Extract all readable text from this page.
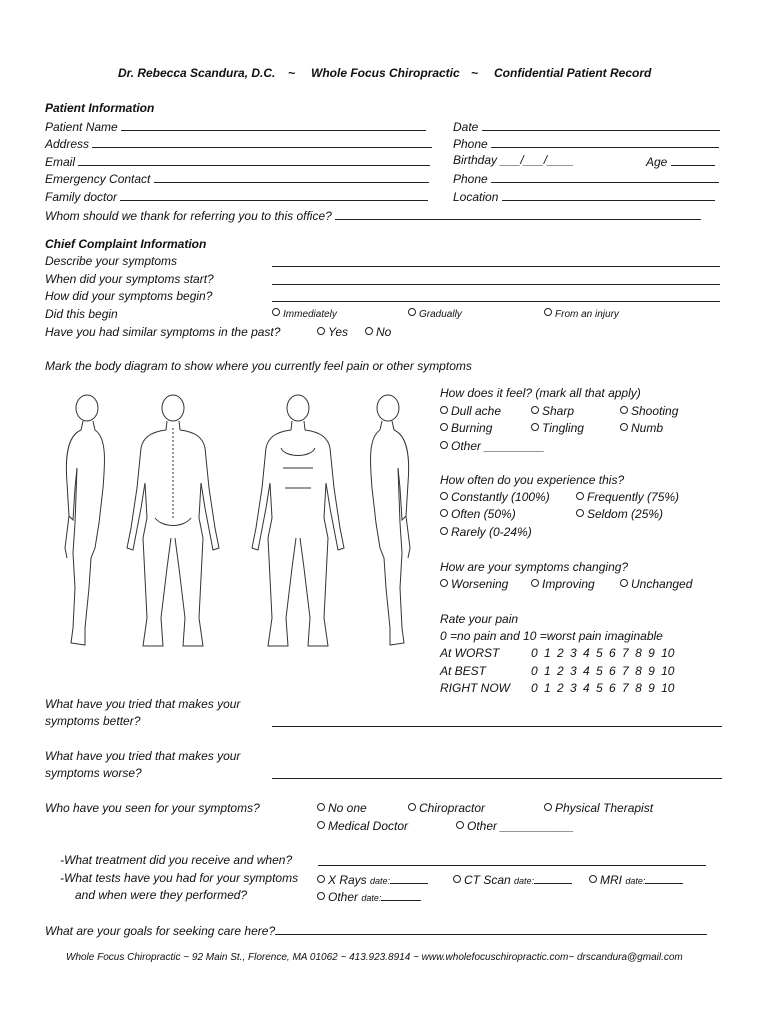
Dr. Rebecca Scandura, D.C. ~ Whole Focus Chiropractic ~ Confidential Patient Record
Patient Information
Patient Name
Address
Email
Emergency Contact
Family doctor
Date
Phone
Birthday ___/___/____	Age
Phone
Location
Whom should we thank for referring you to this office?
Chief Complaint Information
Describe your symptoms
When did your symptoms start?
How did your symptoms begin?
Did this begin	Immediately	Gradually	From an injury
Have you had similar symptoms in the past?	Yes	No
Mark the body diagram to show where you currently feel pain or other symptoms
How does it feel? (mark all that apply)
Dull ache	Sharp	Shooting
Burning	Tingling	Numb
Other _________
How often do you experience this?
Constantly (100%)	Frequently (75%)
Often (50%)	Seldom (25%)
Rarely (0-24%)
How are your symptoms changing?
Worsening	Improving	Unchanged
Rate your pain
0 =no pain and 10 =worst pain imaginable
At WORST	0 1 2 3 4 5 6 7 8 9 10
At BEST	0 1 2 3 4 5 6 7 8 9 10
RIGHT NOW 0 1 2 3 4 5 6 7 8 9 10
What have you tried that makes your
symptoms better?
What have you tried that makes your
symptoms worse?
Who have you seen for your symptoms?	No one	Chiropractor	Physical Therapist
Medical Doctor	Other ___________
-What treatment did you receive and when?
-What tests have you had for your symptoms
and when were they performed?
X Rays date:	CT Scan date:	MRI date:
Other date:
What are your goals for seeking care here?
Whole Focus Chiropractic ~ 92 Main St., Florence, MA 01062 ~ 413.923.8914 ~ www.wholefocuschiropractic.com~ drscandura@gmail.com
